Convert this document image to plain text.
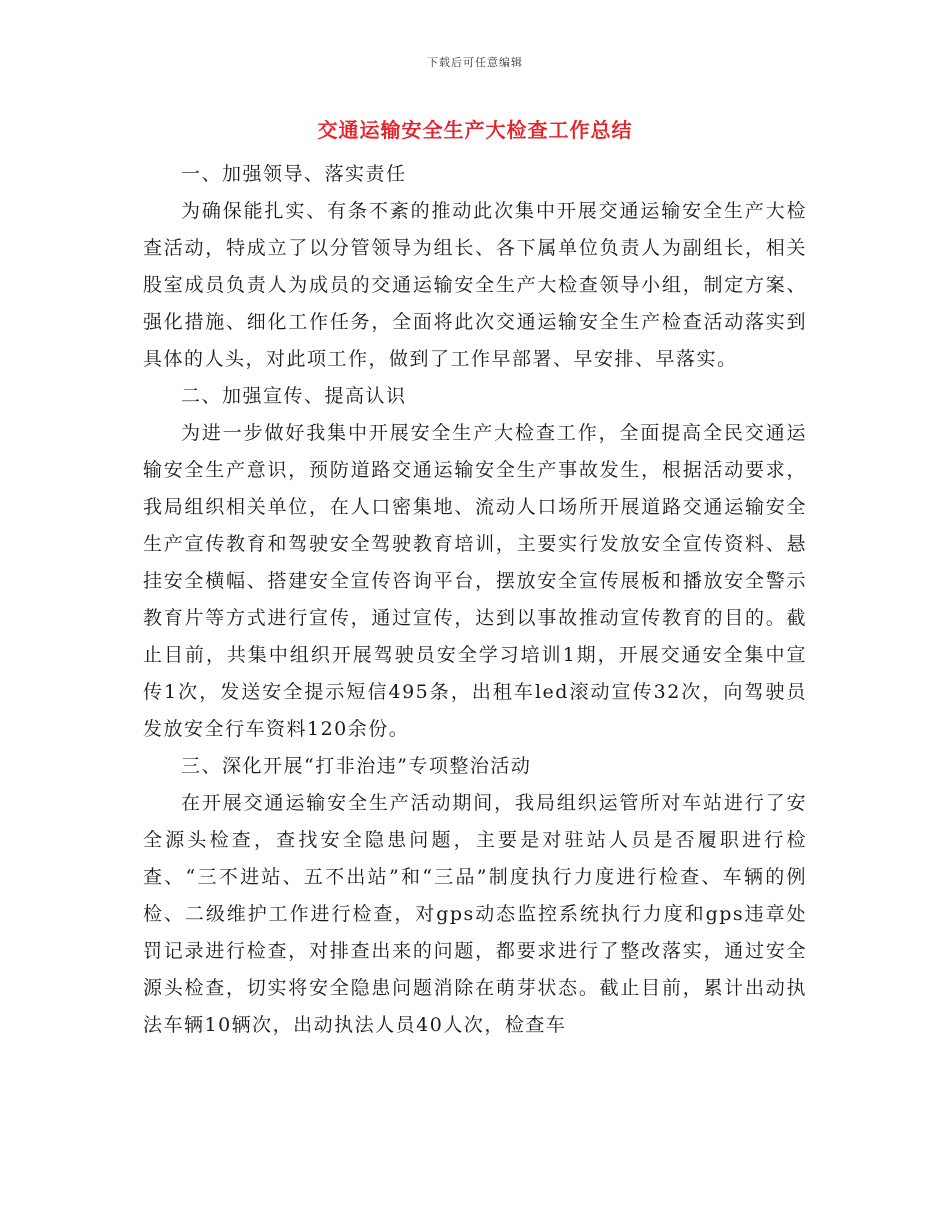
下载后可任意编辑
交通运输安全生产大检查工作总结

一、加强领导、落实责任

为确保能扎实、有条不紊的推动此次集中开展交通运输安全生产大检查活动，特成立了以分管领导为组长、各下属单位负责人为副组长，相关股室成员负责人为成员的交通运输安全生产大检查领导小组，制定方案、强化措施、细化工作任务，全面将此次交通运输安全生产检查活动落实到具体的人头，对此项工作，做到了工作早部署、早安排、早落实。

二、加强宣传、提高认识

为进一步做好我集中开展安全生产大检查工作，全面提高全民交通运输安全生产意识，预防道路交通运输安全生产事故发生，根据活动要求，我局组织相关单位，在人口密集地、流动人口场所开展道路交通运输安全生产宣传教育和驾驶安全驾驶教育培训，主要实行发放安全宣传资料、悬挂安全横幅、搭建安全宣传咨询平台，摆放安全宣传展板和播放安全警示教育片等方式进行宣传，通过宣传，达到以事故推动宣传教育的目的。截止目前，共集中组织开展驾驶员安全学习培训1期，开展交通安全集中宣传1次，发送安全提示短信495条，出租车led滚动宣传32次，向驾驶员发放安全行车资料120余份。

三、深化开展“打非治违”专项整治活动

在开展交通运输安全生产活动期间，我局组织运管所对车站进行了安全源头检查，查找安全隐患问题，主要是对驻站人员是否履职进行检查、“三不进站、五不出站”和“三品”制度执行力度进行检查、车辆的例检、二级维护工作进行检查，对gps动态监控系统执行力度和gps违章处罚记录进行检查，对排查出来的问题，都要求进行了整改落实，通过安全源头检查，切实将安全隐患问题消除在萌芽状态。截止目前，累计出动执法车辆10辆次，出动执法人员40人次，检查车
